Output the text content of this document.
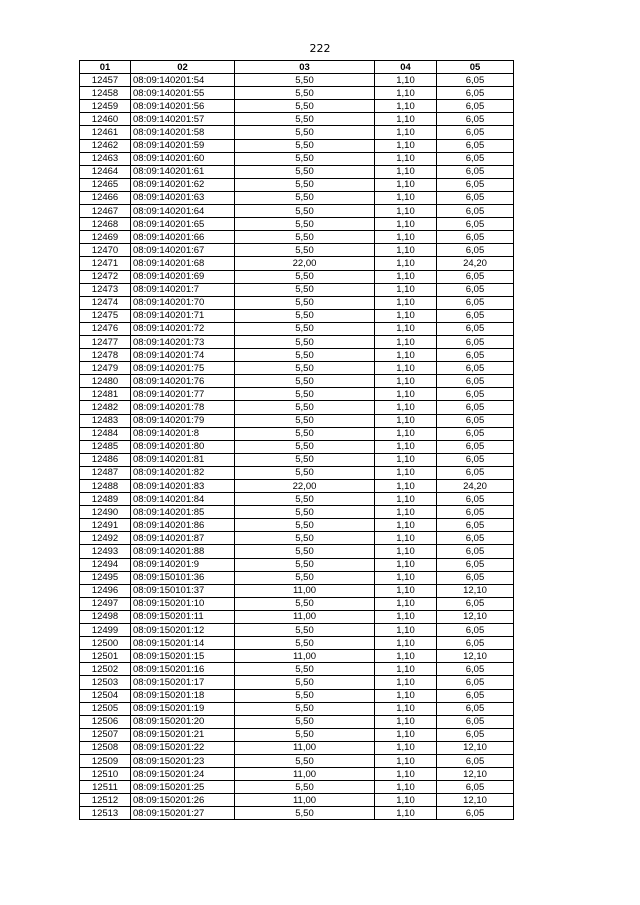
222
01	02	03	04	05
12457	08:09:140201:54	5,50	1,10	6,05
12458	08:09:140201:55	5,50	1,10	6,05
12459	08:09:140201:56	5,50	1,10	6,05
12460	08:09:140201:57	5,50	1,10	6,05
12461	08:09:140201:58	5,50	1,10	6,05
12462	08:09:140201:59	5,50	1,10	6,05
12463	08:09:140201:60	5,50	1,10	6,05
12464	08:09:140201:61	5,50	1,10	6,05
12465	08:09:140201:62	5,50	1,10	6,05
12466	08:09:140201:63	5,50	1,10	6,05
12467	08:09:140201:64	5,50	1,10	6,05
12468	08:09:140201:65	5,50	1,10	6,05
12469	08:09:140201:66	5,50	1,10	6,05
12470	08:09:140201:67	5,50	1,10	6,05
12471	08:09:140201:68	22,00	1,10	24,20
12472	08:09:140201:69	5,50	1,10	6,05
12473	08:09:140201:7	5,50	1,10	6,05
12474	08:09:140201:70	5,50	1,10	6,05
12475	08:09:140201:71	5,50	1,10	6,05
12476	08:09:140201:72	5,50	1,10	6,05
12477	08:09:140201:73	5,50	1,10	6,05
12478	08:09:140201:74	5,50	1,10	6,05
12479	08:09:140201:75	5,50	1,10	6,05
12480	08:09:140201:76	5,50	1,10	6,05
12481	08:09:140201:77	5,50	1,10	6,05
12482	08:09:140201:78	5,50	1,10	6,05
12483	08:09:140201:79	5,50	1,10	6,05
12484	08:09:140201:8	5,50	1,10	6,05
12485	08:09:140201:80	5,50	1,10	6,05
12486	08:09:140201:81	5,50	1,10	6,05
12487	08:09:140201:82	5,50	1,10	6,05
12488	08:09:140201:83	22,00	1,10	24,20
12489	08:09:140201:84	5,50	1,10	6,05
12490	08:09:140201:85	5,50	1,10	6,05
12491	08:09:140201:86	5,50	1,10	6,05
12492	08:09:140201:87	5,50	1,10	6,05
12493	08:09:140201:88	5,50	1,10	6,05
12494	08:09:140201:9	5,50	1,10	6,05
12495	08:09:150101:36	5,50	1,10	6,05
12496	08:09:150101:37	11,00	1,10	12,10
12497	08:09:150201:10	5,50	1,10	6,05
12498	08:09:150201:11	11,00	1,10	12,10
12499	08:09:150201:12	5,50	1,10	6,05
12500	08:09:150201:14	5,50	1,10	6,05
12501	08:09:150201:15	11,00	1,10	12,10
12502	08:09:150201:16	5,50	1,10	6,05
12503	08:09:150201:17	5,50	1,10	6,05
12504	08:09:150201:18	5,50	1,10	6,05
12505	08:09:150201:19	5,50	1,10	6,05
12506	08:09:150201:20	5,50	1,10	6,05
12507	08:09:150201:21	5,50	1,10	6,05
12508	08:09:150201:22	11,00	1,10	12,10
12509	08:09:150201:23	5,50	1,10	6,05
12510	08:09:150201:24	11,00	1,10	12,10
12511	08:09:150201:25	5,50	1,10	6,05
12512	08:09:150201:26	11,00	1,10	12,10
12513	08:09:150201:27	5,50	1,10	6,05
